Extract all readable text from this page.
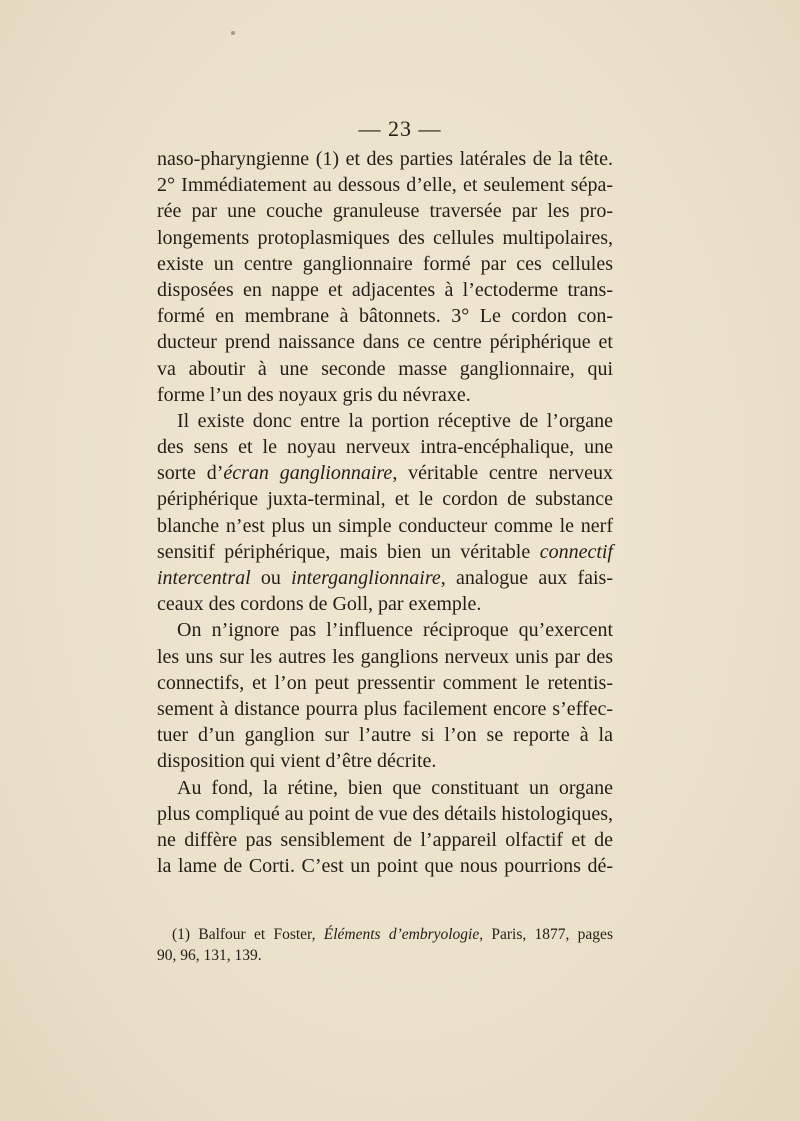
— 23 —
naso-pharyngienne (1) et des parties latérales de la tête.
2° Immédiatement au dessous d’elle, et seulement sépa-
rée par une couche granuleuse traversée par les pro-
longements protoplasmiques des cellules multipolaires,
existe un centre ganglionnaire formé par ces cellules
disposées en nappe et adjacentes à l’ectoderme trans-
formé en membrane à bâtonnets. 3° Le cordon con-
ducteur prend naissance dans ce centre périphérique et
va aboutir à une seconde masse ganglionnaire, qui
forme l’un des noyaux gris du névraxe.
Il existe donc entre la portion réceptive de l’organe
des sens et le noyau nerveux intra-encéphalique, une
sorte d’écran ganglionnaire, véritable centre nerveux
périphérique juxta-terminal, et le cordon de substance
blanche n’est plus un simple conducteur comme le nerf
sensitif périphérique, mais bien un véritable connectif
intercentral ou interganglionnaire, analogue aux fais-
ceaux des cordons de Goll, par exemple.
On n’ignore pas l’influence réciproque qu’exercent
les uns sur les autres les ganglions nerveux unis par des
connectifs, et l’on peut pressentir comment le retentis-
sement à distance pourra plus facilement encore s’effec-
tuer d’un ganglion sur l’autre si l’on se reporte à la
disposition qui vient d’être décrite.
Au fond, la rétine, bien que constituant un organe
plus compliqué au point de vue des détails histologiques,
ne diffère pas sensiblement de l’appareil olfactif et de
la lame de Corti. C’est un point que nous pourrions dé-
(1) Balfour et Foster, Éléments d’embryologie, Paris, 1877, pages
90, 96, 131, 139.
